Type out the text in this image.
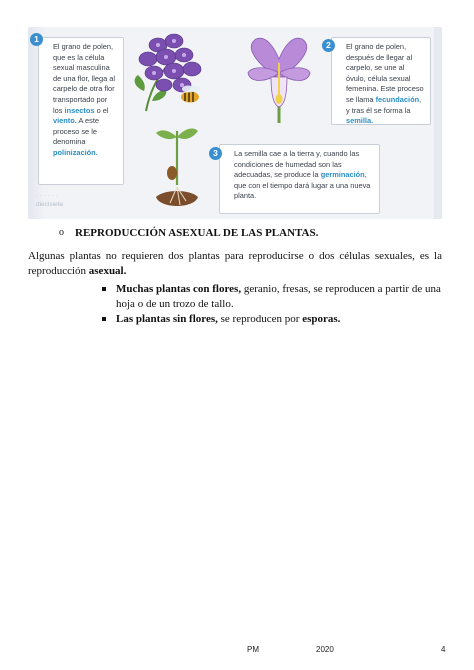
El grano de polen, que es la célula sexual masculina de una flor, llega al carpelo de otra flor transportado por los insectos o el viento. A este proceso se le denomina polinización.
1
El grano de polen, después de llegar al carpelo, se une al óvulo, célula sexual femenina. Este proceso se llama fecundación, y tras él se forma la semilla.
2
La semilla cae a la tierra y, cuando las condiciones de humedad son las adecuadas, se produce la germinación, que con el tiempo dará lugar a una nueva planta.
3
· · · · · ·
diecisiete
o REPRODUCCIÓN ASEXUAL DE LAS PLANTAS.
Algunas plantas no requieren dos plantas para reproducirse o dos células sexuales, es la reproducción asexual.
Muchas plantas con flores, geranio, fresas, se reproducen a partir de una hoja o de un trozo de tallo.
Las plantas sin flores, se reproducen por esporas.
PM	2020	4
